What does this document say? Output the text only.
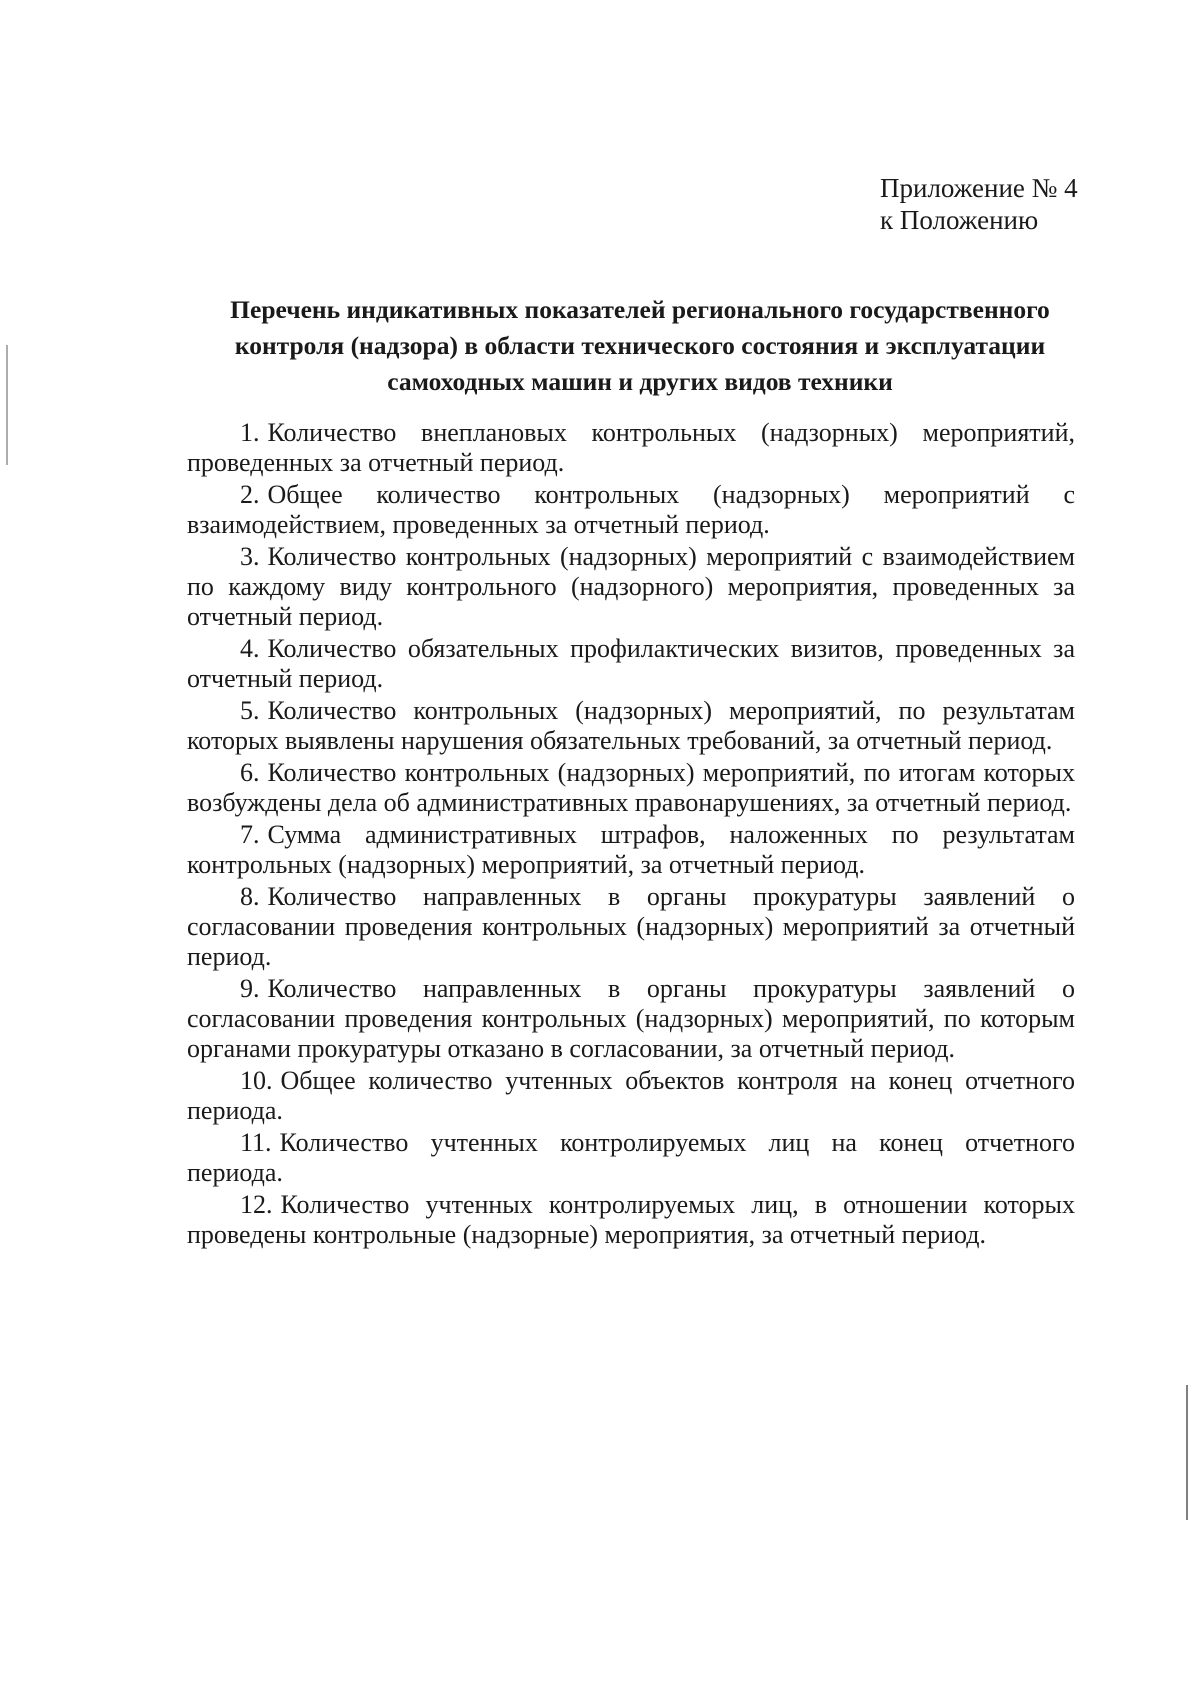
Приложение № 4
к Положению
Перечень индикативных показателей регионального государственного
контроля (надзора) в области технического состояния и эксплуатации
самоходных машин и других видов техники

1. Количество внеплановых контрольных (надзорных) мероприятий, проведенных за отчетный период.

2. Общее количество контрольных (надзорных) мероприятий с взаимодействием, проведенных за отчетный период.

3. Количество контрольных (надзорных) мероприятий с взаимодействием по каждому виду контрольного (надзорного) мероприятия, проведенных за отчетный период.

4. Количество обязательных профилактических визитов, проведенных за отчетный период.

5. Количество контрольных (надзорных) мероприятий, по результатам которых выявлены нарушения обязательных требований, за отчетный период.

6. Количество контрольных (надзорных) мероприятий, по итогам которых возбуждены дела об административных правонарушениях, за отчетный период.

7. Сумма административных штрафов, наложенных по результатам контрольных (надзорных) мероприятий, за отчетный период.

8. Количество направленных в органы прокуратуры заявлений о согласовании проведения контрольных (надзорных) мероприятий за отчетный период.

9. Количество направленных в органы прокуратуры заявлений о согласовании проведения контрольных (надзорных) мероприятий, по которым органами прокуратуры отказано в согласовании, за отчетный период.

10. Общее количество учтенных объектов контроля на конец отчетного периода.

11. Количество учтенных контролируемых лиц на конец отчетного периода.

12. Количество учтенных контролируемых лиц, в отношении которых проведены контрольные (надзорные) мероприятия, за отчетный период.
